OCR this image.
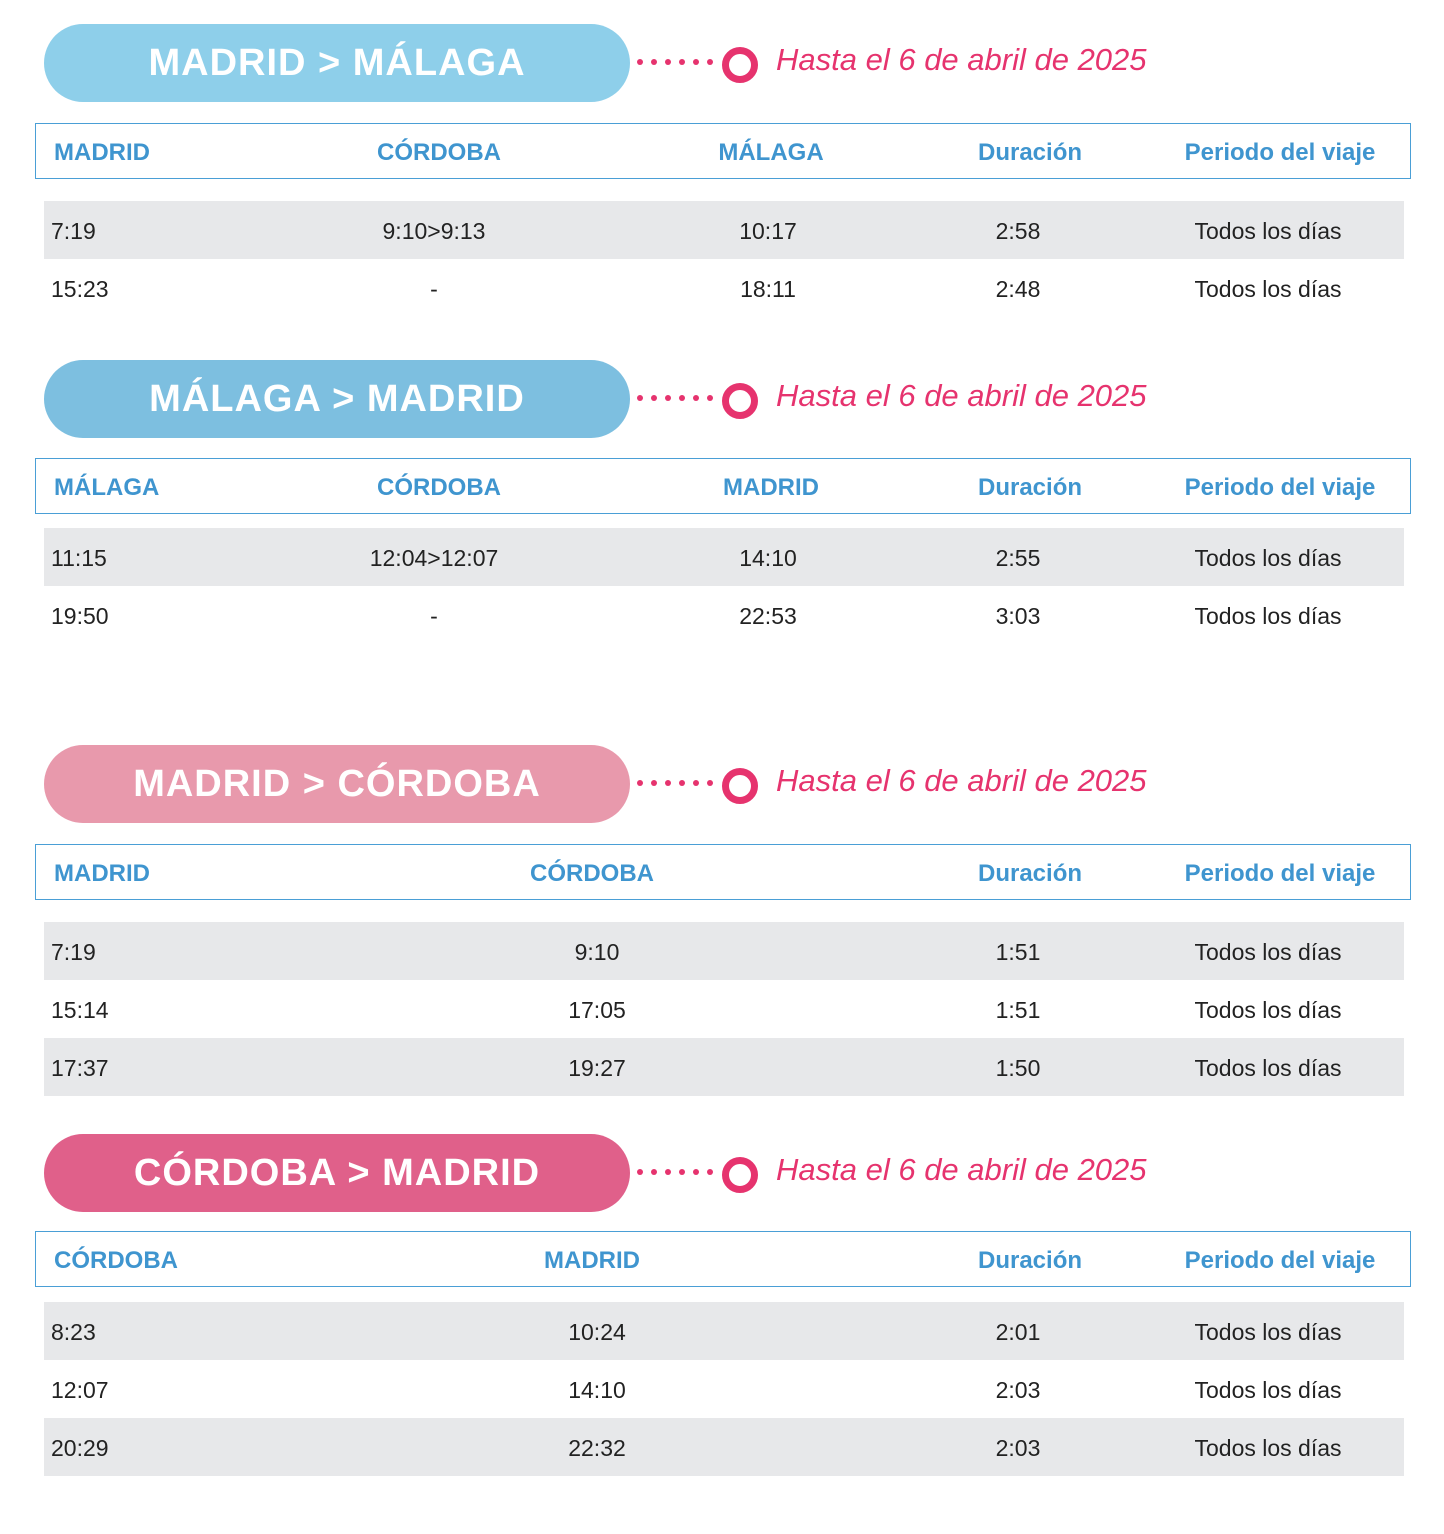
MADRID > MÁLAGA	Hasta el 6 de abril de 2025
MADRID	CÓRDOBA	MÁLAGA	Duración	Periodo del viaje
7:19	9:10>9:13	10:17	2:58	Todos los días
15:23	-	18:11	2:48	Todos los días
MÁLAGA > MADRID	Hasta el 6 de abril de 2025
MÁLAGA	CÓRDOBA	MADRID	Duración	Periodo del viaje
11:15	12:04>12:07	14:10	2:55	Todos los días
19:50	-	22:53	3:03	Todos los días
MADRID > CÓRDOBA	Hasta el 6 de abril de 2025
MADRID	CÓRDOBA	Duración	Periodo del viaje
7:19	9:10	1:51	Todos los días
15:14	17:05	1:51	Todos los días
17:37	19:27	1:50	Todos los días
CÓRDOBA > MADRID	Hasta el 6 de abril de 2025
CÓRDOBA	MADRID	Duración	Periodo del viaje
8:23	10:24	2:01	Todos los días
12:07	14:10	2:03	Todos los días
20:29	22:32	2:03	Todos los días
